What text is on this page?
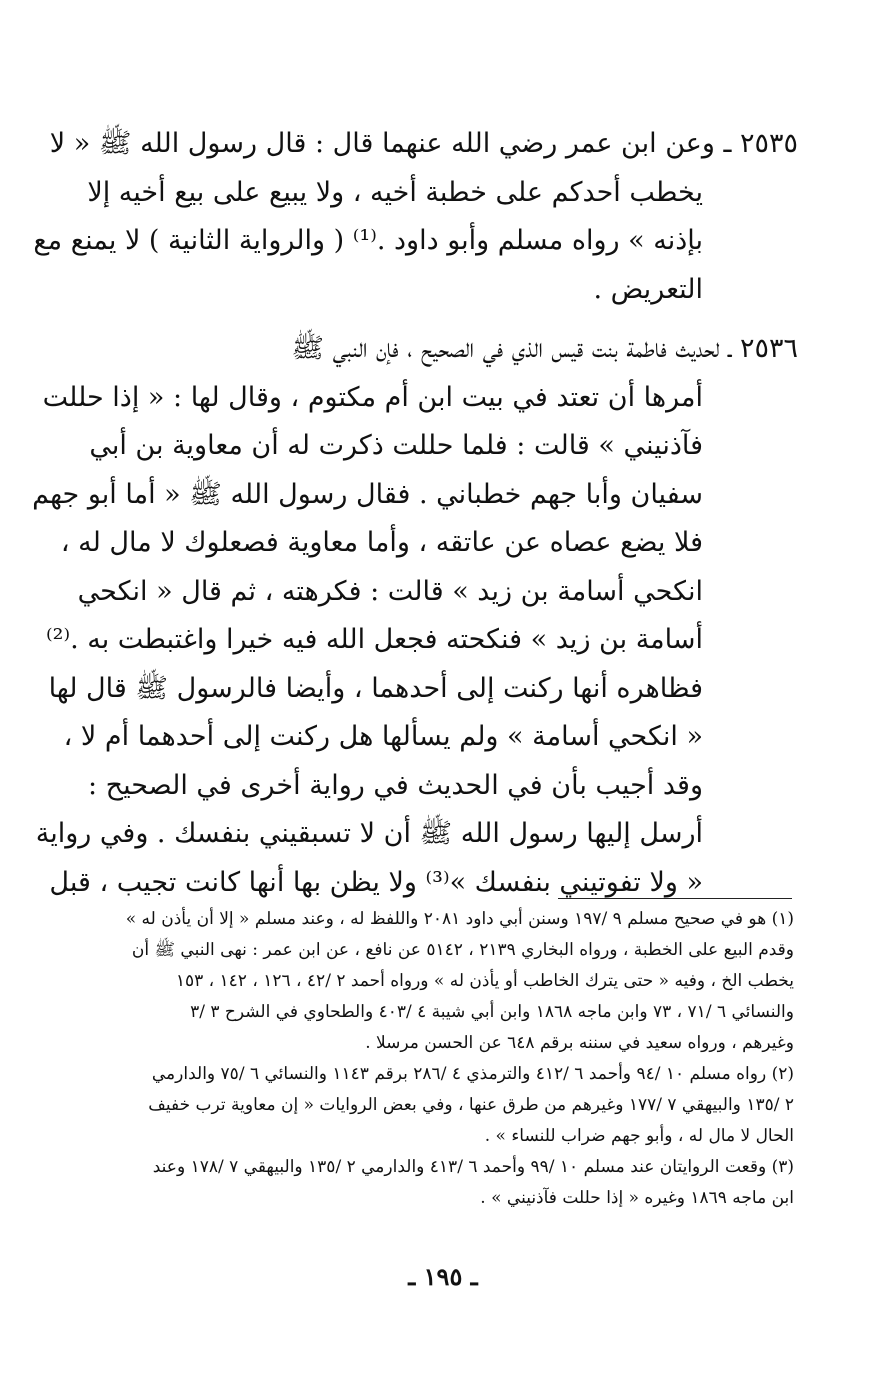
٢٥٣٥ ـ وعن ابن عمر رضي الله عنهما قال : قال رسول الله ﷺ « لا
يخطب أحدكم على خطبة أخيه ، ولا يبيع على بيع أخيه إلا
بإذنه » رواه مسلم وأبو داود .⁽¹⁾ ( والرواية الثانية ) لا يمنع مع
التعريض .

٢٥٣٦ ـ لحديث فاطمة بنت قيس الذي في الصحيح ، فإن النبي ﷺ
أمرها أن تعتد في بيت ابن أم مكتوم ، وقال لها : « إذا حللت
فآذنيني » قالت : فلما حللت ذكرت له أن معاوية بن أبي
سفيان وأبا جهم خطباني . فقال رسول الله ﷺ « أما أبو جهم
فلا يضع عصاه عن عاتقه ، وأما معاوية فصعلوك لا مال له ،
انكحي أسامة بن زيد » قالت : فكرهته ، ثم قال « انكحي
أسامة بن زيد » فنكحته فجعل الله فيه خيرا واغتبطت به .⁽²⁾
فظاهره أنها ركنت إلى أحدهما ، وأيضا فالرسول ﷺ قال لها
« انكحي أسامة » ولم يسألها هل ركنت إلى أحدهما أم لا ،
وقد أجيب بأن في الحديث في رواية أخرى في الصحيح :
أرسل إليها رسول الله ﷺ أن لا تسبقيني بنفسك . وفي رواية
« ولا تفوتيني بنفسك »⁽³⁾ ولا يظن بها أنها كانت تجيب ، قبل

(١) هو في صحيح مسلم ٩ /١٩٧ وسنن أبي داود ٢٠٨١ واللفظ له ، وعند مسلم « إلا أن يأذن له »
وقدم البيع على الخطبة ، ورواه البخاري ٢١٣٩ ، ٥١٤٢ عن نافع ، عن ابن عمر : نهى النبي ﷺ أن
يخطب الخ ، وفيه « حتى يترك الخاطب أو يأذن له » ورواه أحمد ٢ /٤٢ ، ١٢٦ ، ١٤٢ ، ١٥٣
والنسائي ٦ /٧١ ، ٧٣ وابن ماجه ١٨٦٨ وابن أبي شيبة ٤ /٤٠٣ والطحاوي في الشرح ٣ /٣
وغيرهم ، ورواه سعيد في سننه برقم ٦٤٨ عن الحسن مرسلا .

(٢) رواه مسلم ١٠ /٩٤ وأحمد ٦ /٤١٢ والترمذي ٤ /٢٨٦ برقم ١١٤٣ والنسائي ٦ /٧٥ والدارمي
٢ /١٣٥ والبيهقي ٧ /١٧٧ وغيرهم من طرق عنها ، وفي بعض الروايات « إن معاوية ترب خفيف
الحال لا مال له ، وأبو جهم ضراب للنساء » .

(٣) وقعت الروايتان عند مسلم ١٠ /٩٩ وأحمد ٦ /٤١٣ والدارمي ٢ /١٣٥ والبيهقي ٧ /١٧٨ وعند
ابن ماجه ١٨٦٩ وغيره « إذا حللت فآذنيني » .

ـ ١٩٥ ـ
